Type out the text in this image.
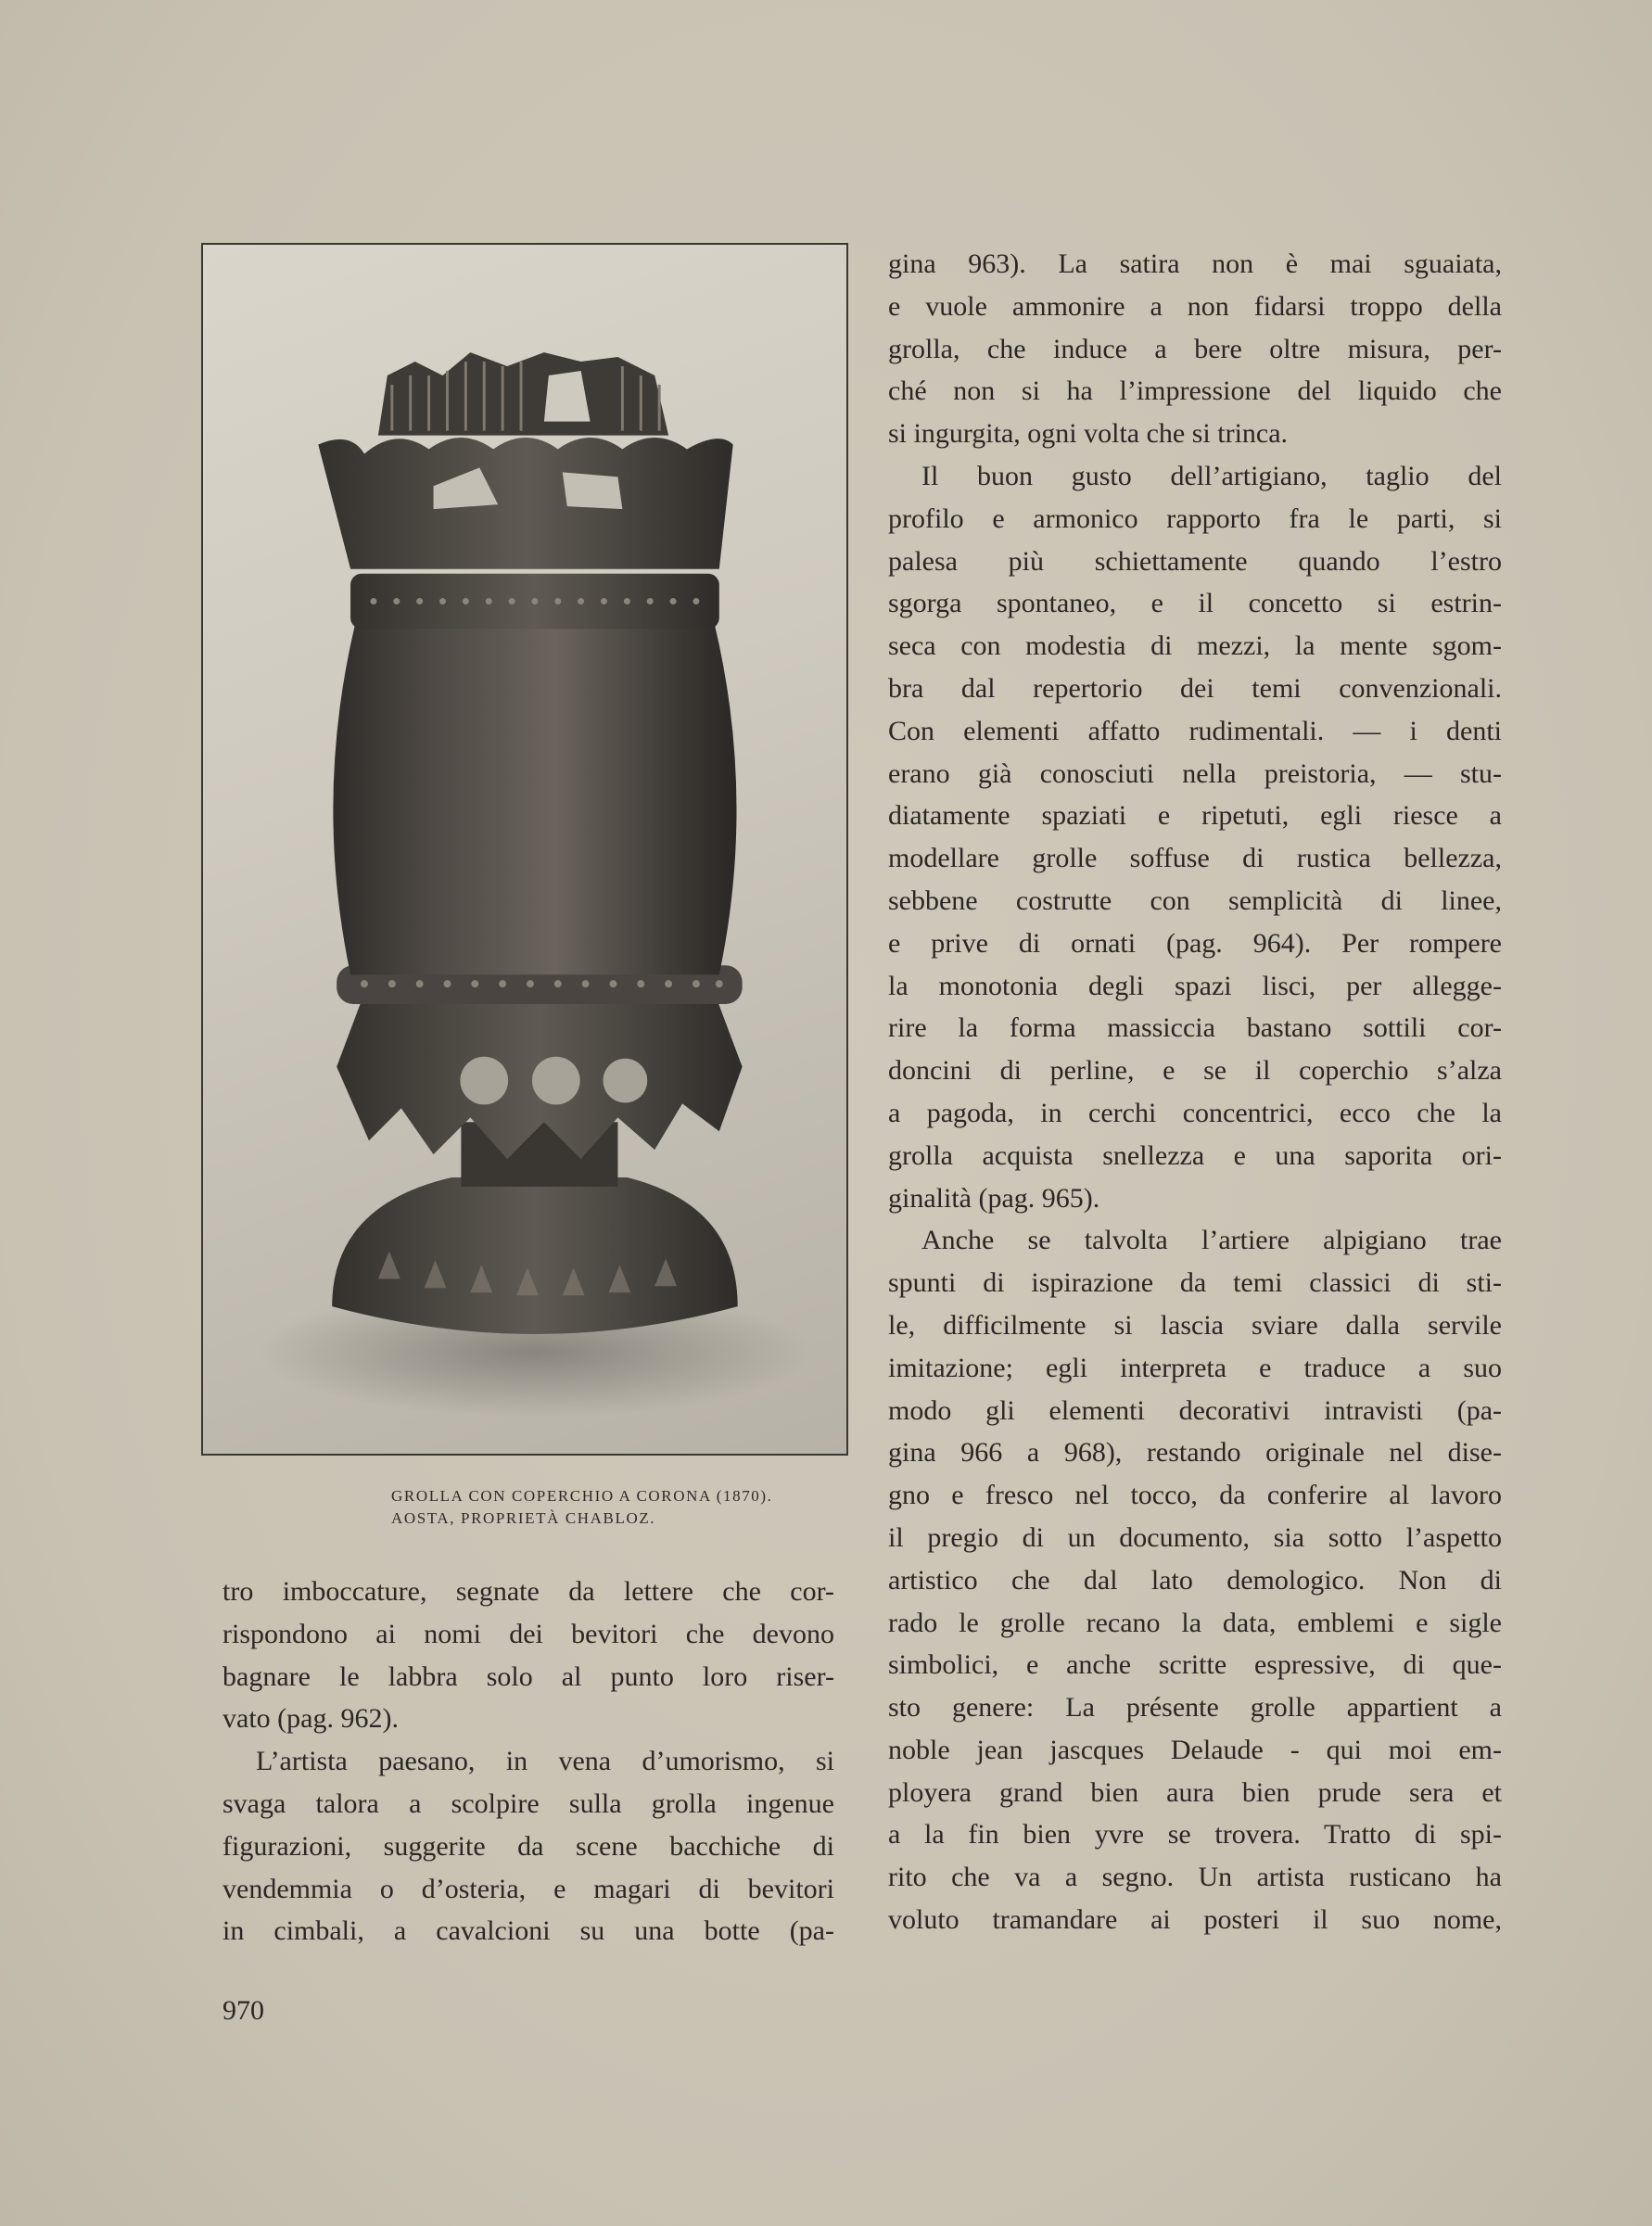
GROLLA CON COPERCHIO A CORONA (1870).
AOSTA, PROPRIETÀ CHABLOZ.
tro imboccature, segnate da lettere che cor-
rispondono ai nomi dei bevitori che devono
bagnare le labbra solo al punto loro riser-
vato (pag. 962).
L’artista paesano, in vena d’umorismo, si
svaga talora a scolpire sulla grolla ingenue
figurazioni, suggerite da scene bacchiche di
vendemmia o d’osteria, e magari di bevitori
in cimbali, a cavalcioni su una botte (pa-
gina 963). La satira non è mai sguaiata,
e vuole ammonire a non fidarsi troppo della
grolla, che induce a bere oltre misura, per-
ché non si ha l’impressione del liquido che
si ingurgita, ogni volta che si trinca.
Il buon gusto dell’artigiano, taglio del
profilo e armonico rapporto fra le parti, si
palesa più schiettamente quando l’estro
sgorga spontaneo, e il concetto si estrin-
seca con modestia di mezzi, la mente sgom-
bra dal repertorio dei temi convenzionali.
Con elementi affatto rudimentali. — i denti
erano già conosciuti nella preistoria, — stu-
diatamente spaziati e ripetuti, egli riesce a
modellare grolle soffuse di rustica bellezza,
sebbene costrutte con semplicità di linee,
e prive di ornati (pag. 964). Per rompere
la monotonia degli spazi lisci, per allegge-
rire la forma massiccia bastano sottili cor-
doncini di perline, e se il coperchio s’alza
a pagoda, in cerchi concentrici, ecco che la
grolla acquista snellezza e una saporita ori-
ginalità (pag. 965).
Anche se talvolta l’artiere alpigiano trae
spunti di ispirazione da temi classici di sti-
le, difficilmente si lascia sviare dalla servile
imitazione; egli interpreta e traduce a suo
modo gli elementi decorativi intravisti (pa-
gina 966 a 968), restando originale nel dise-
gno e fresco nel tocco, da conferire al lavoro
il pregio di un documento, sia sotto l’aspetto
artistico che dal lato demologico. Non di
rado le grolle recano la data, emblemi e sigle
simbolici, e anche scritte espressive, di que-
sto genere: La présente grolle appartient a
noble jean jascques Delaude - qui moi em-
ployera grand bien aura bien prude sera et
a la fin bien yvre se trovera. Tratto di spi-
rito che va a segno. Un artista rusticano ha
voluto tramandare ai posteri il suo nome,
970
